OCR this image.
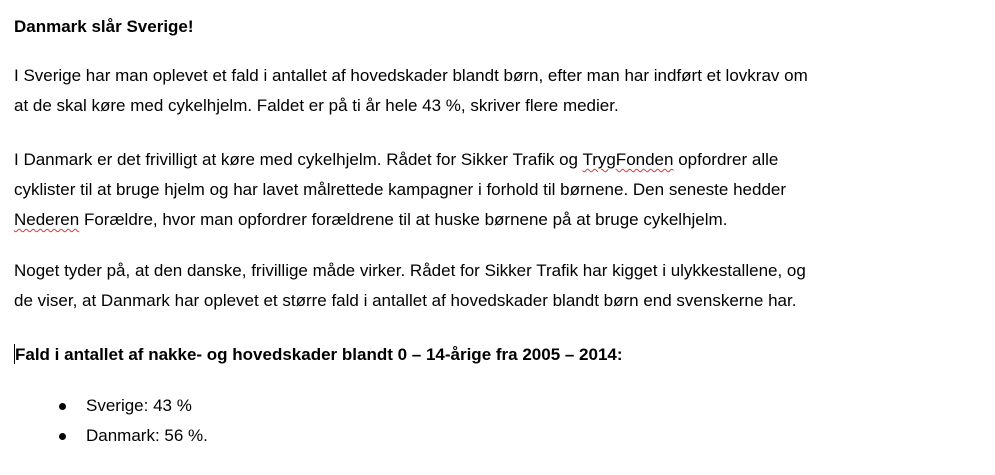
Danmark slår Sverige!

I Sverige har man oplevet et fald i antallet af hovedskader blandt børn, efter man har indført et lovkrav om
at de skal køre med cykelhjelm. Faldet er på ti år hele 43 %, skriver flere medier.

I Danmark er det frivilligt at køre med cykelhjelm. Rådet for Sikker Trafik og TrygFonden opfordrer alle
cyklister til at bruge hjelm og har lavet målrettede kampagner i forhold til børnene. Den seneste hedder
Nederen Forældre, hvor man opfordrer forældrene til at huske børnene på at bruge cykelhjelm.

Noget tyder på, at den danske, frivillige måde virker. Rådet for Sikker Trafik har kigget i ulykkestallene, og
de viser, at Danmark har oplevet et større fald i antallet af hovedskader blandt børn end svenskerne har.

Fald i antallet af nakke- og hovedskader blandt 0 – 14-årige fra 2005 – 2014:

Sverige: 43 %
Danmark: 56 %.
